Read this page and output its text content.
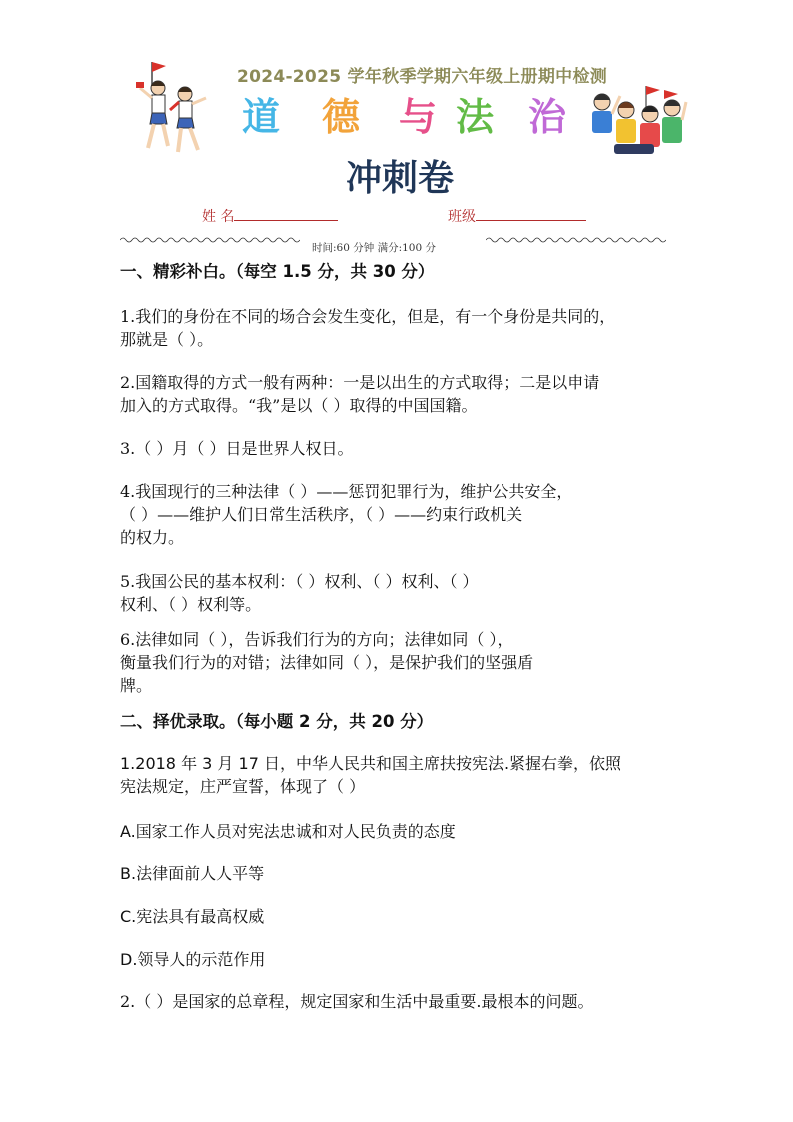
2024-2025 学年秋季学期六年级上册期中检测
道 德 与 法 治
冲刺卷
姓 名	班级
时间:60 分钟 满分:100 分
一、精彩补白。（每空 1.5 分，共 30 分）
1.我们的身份在不同的场合会发生变化，但是，有一个身份是共同的，
那就是（ ）。
2.国籍取得的方式一般有两种：一是以出生的方式取得；二是以申请
加入的方式取得。“我”是以（ ）取得的中国国籍。
3.（ ）月（ ）日是世界人权日。
4.我国现行的三种法律（ ）——惩罚犯罪行为，维护公共安全，
（ ）——维护人们日常生活秩序，（ ）——约束行政机关
的权力。
5.我国公民的基本权利：（ ）权利、（ ）权利、（ ）
权利、（ ）权利等。
6.法律如同（ ），告诉我们行为的方向；法律如同（ ），
衡量我们行为的对错；法律如同（ ），是保护我们的坚强盾
牌。
二、择优录取。（每小题 2 分，共 20 分）
1.2018 年 3 月 17 日，中华人民共和国主席扶按宪法.紧握右拳，依照
宪法规定，庄严宣誓，体现了（ ）
A.国家工作人员对宪法忠诚和对人民负责的态度
B.法律面前人人平等
C.宪法具有最高权威
D.领导人的示范作用
2.（ ）是国家的总章程，规定国家和生活中最重要.最根本的问题。
